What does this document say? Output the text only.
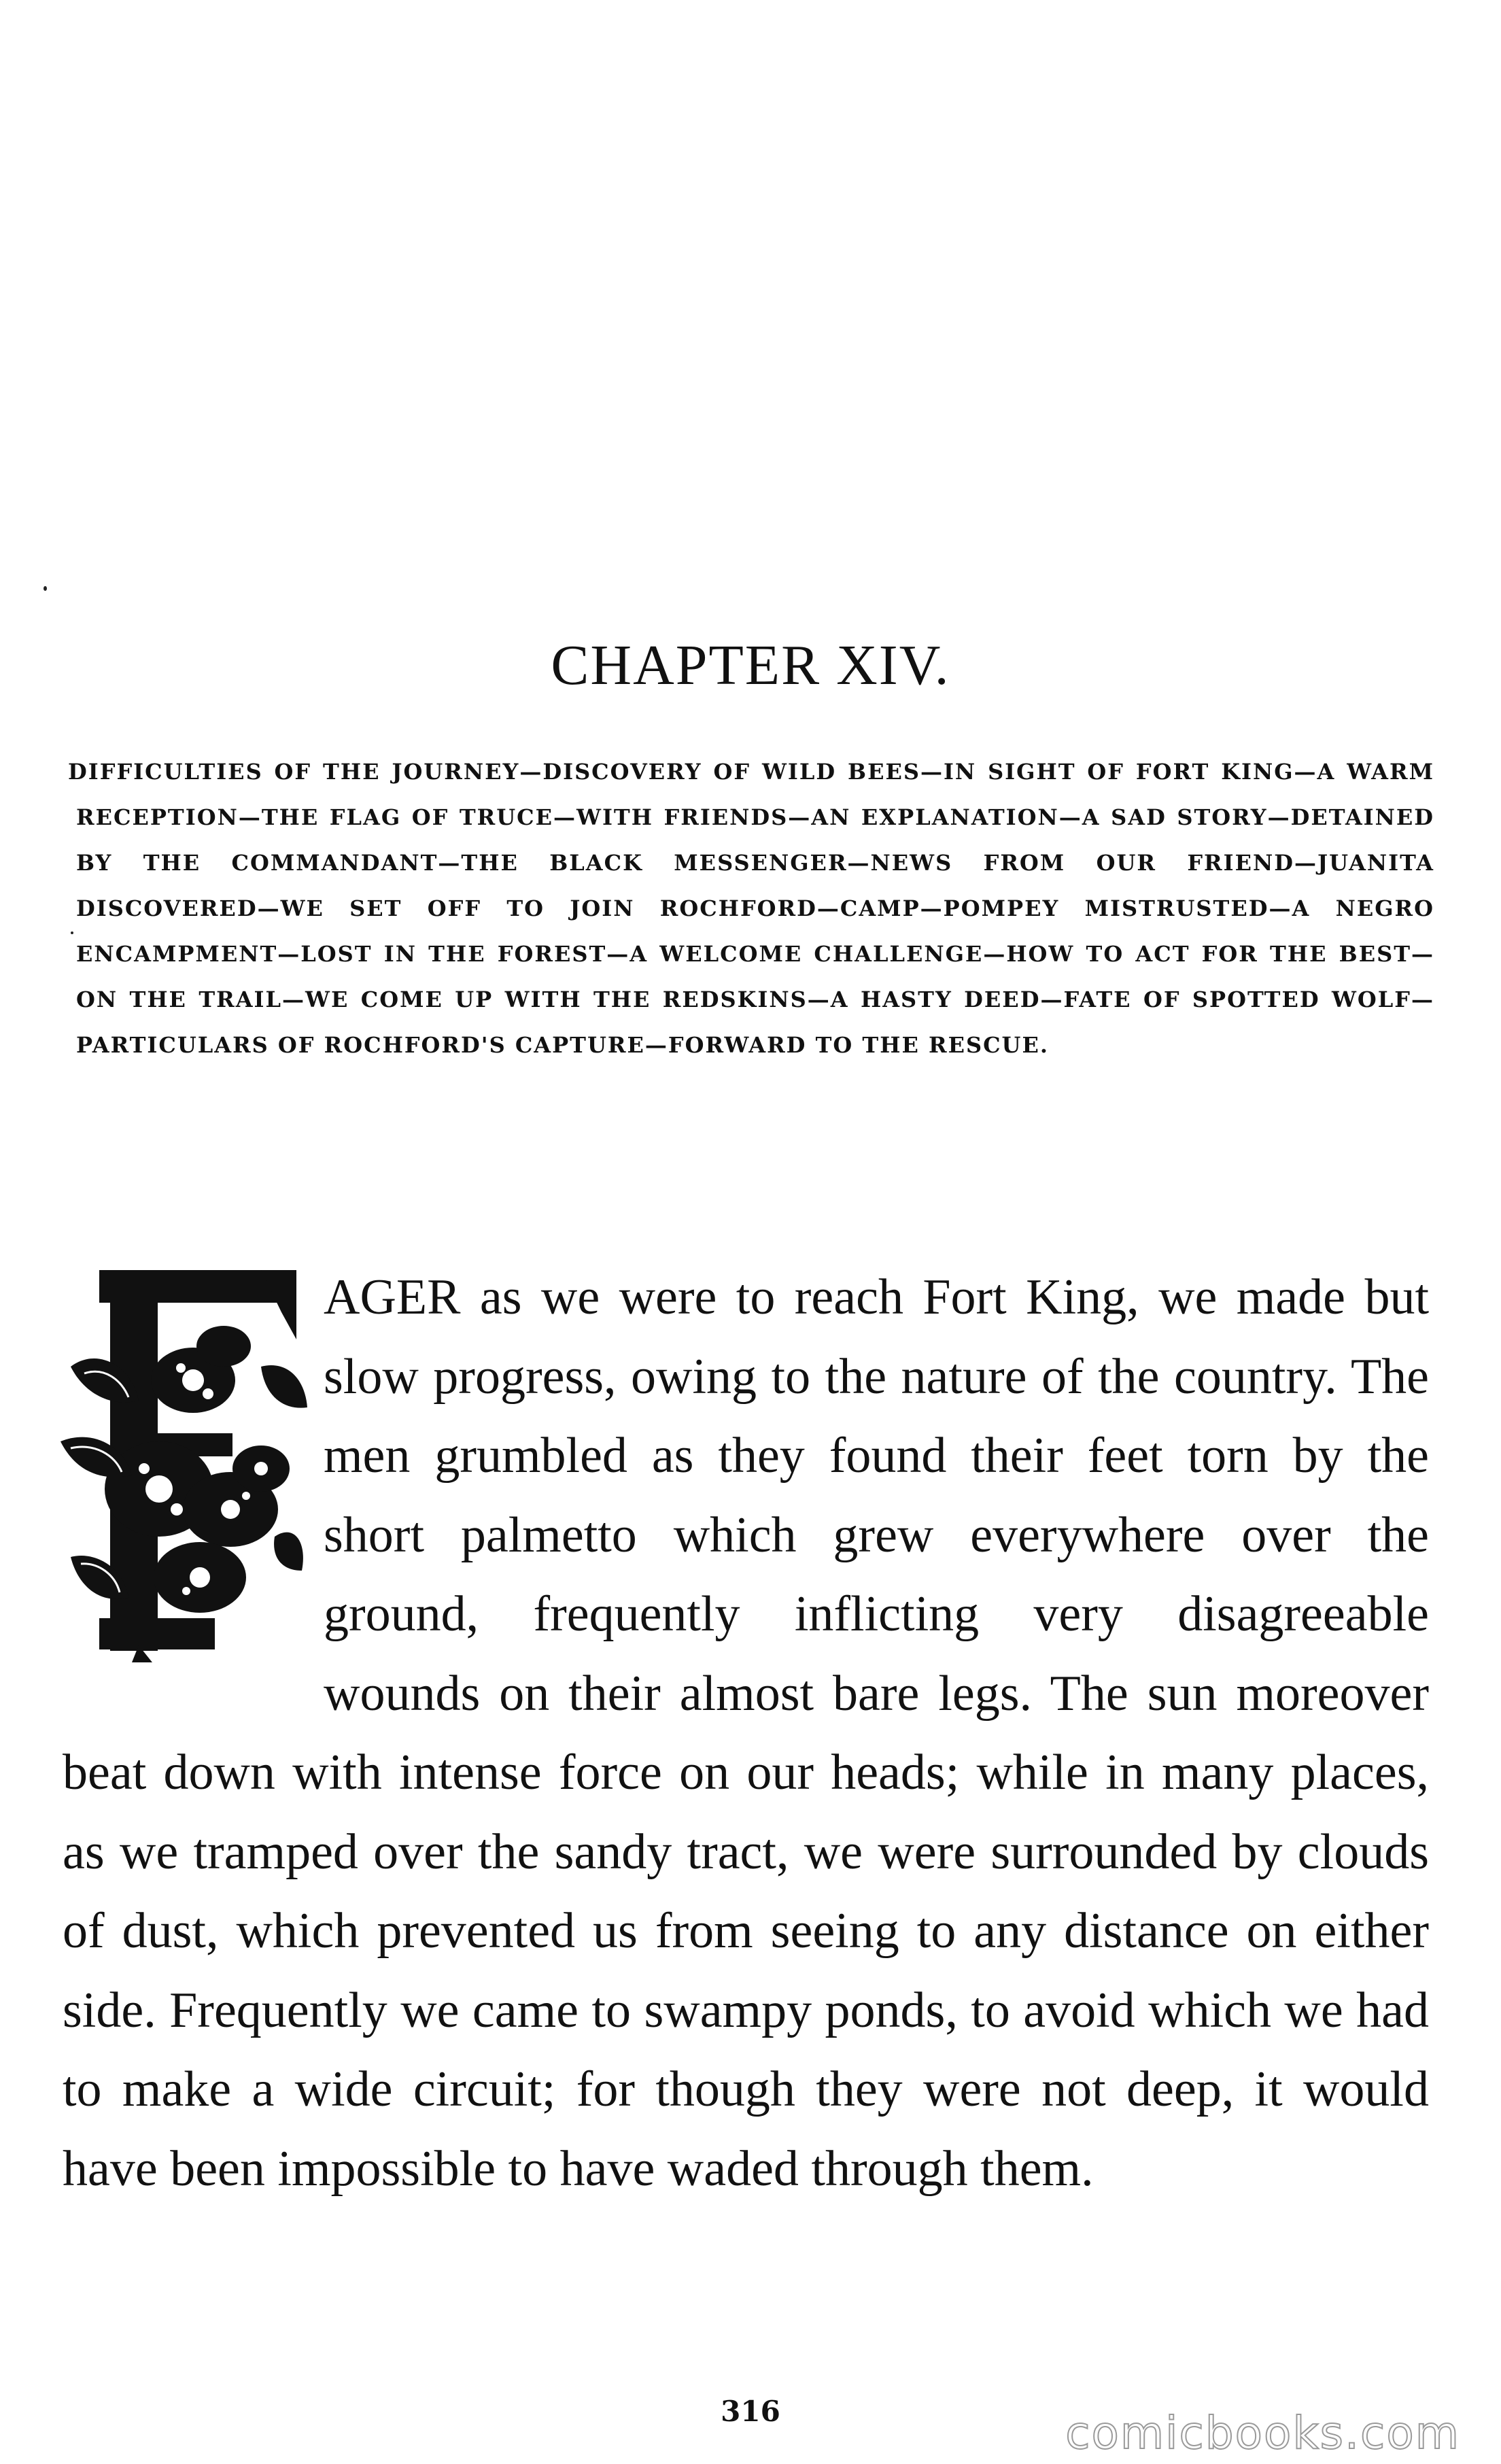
CHAPTER XIV.

DIFFICULTIES OF THE JOURNEY—DISCOVERY OF WILD BEES—IN SIGHT OF FORT KING—A WARM RECEPTION—THE FLAG OF TRUCE—WITH FRIENDS—AN EXPLANATION—A SAD STORY—DETAINED BY THE COMMANDANT—THE BLACK MESSENGER—NEWS FROM OUR FRIEND—JUANITA DISCOVERED—WE SET OFF TO JOIN ROCHFORD—CAMP—POMPEY MISTRUSTED—A NEGRO ENCAMPMENT—LOST IN THE FOREST—A WELCOME CHALLENGE—HOW TO ACT FOR THE BEST—ON THE TRAIL—WE COME UP WITH THE REDSKINS—A HASTY DEED—FATE OF SPOTTED WOLF—PARTICULARS OF ROCHFORD'S CAPTURE—FORWARD TO THE RESCUE.

AGER as we were to reach Fort King, we made but slow progress, owing to the nature of the country. The men grumbled as they found their feet torn by the short palmetto which grew everywhere over the ground, frequently inflicting very disagreeable wounds on their almost bare legs. The sun moreover beat down with intense force on our heads; while in many places, as we tramped over the sandy tract, we were surrounded by clouds of dust, which prevented us from seeing to any distance on either side. Frequently we came to swampy ponds, to avoid which we had to make a wide circuit; for though they were not deep, it would have been impossible to have waded through them.

316	comicbooks.com
